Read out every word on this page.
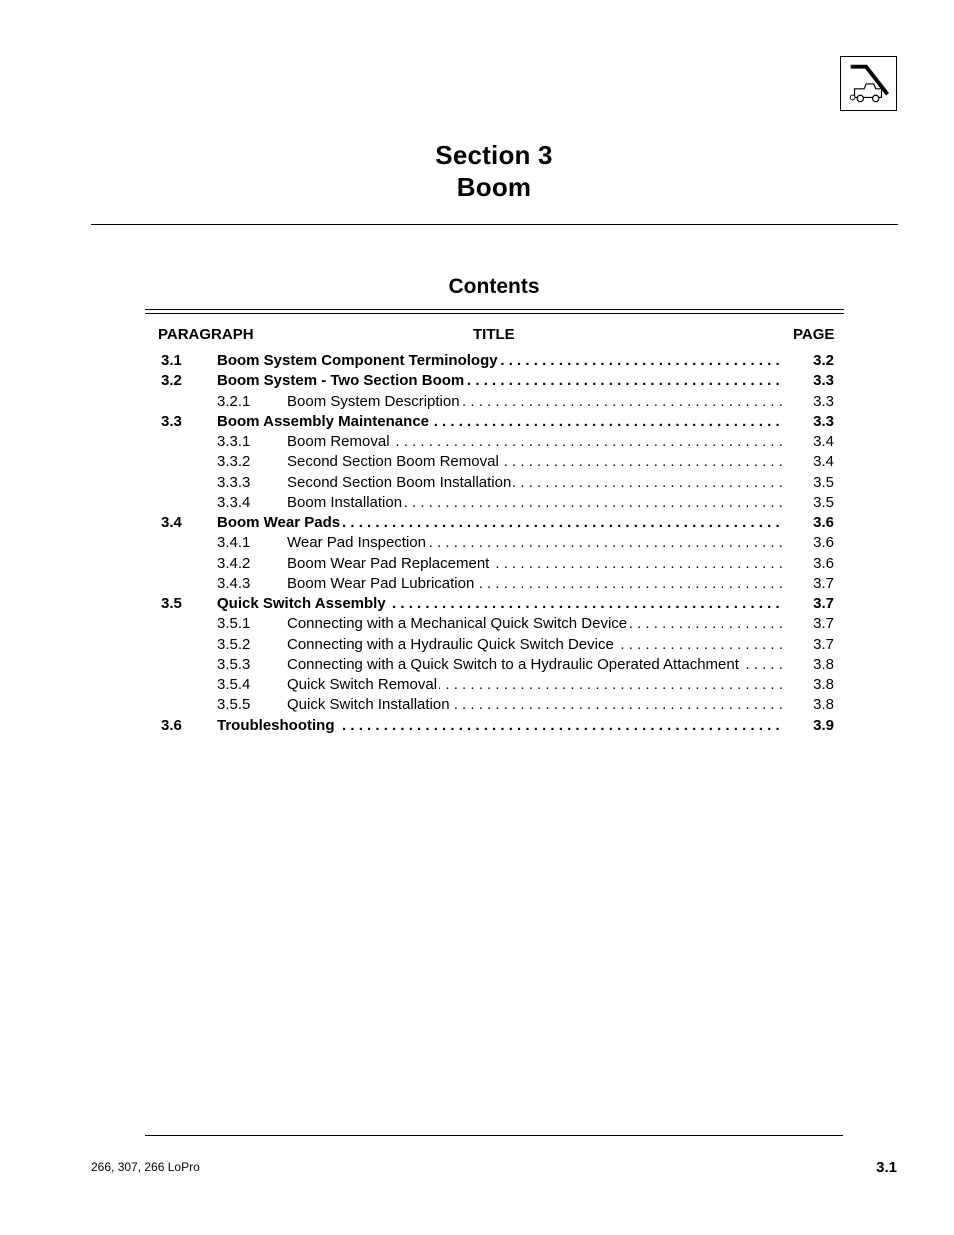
Section 3
Boom
Contents
PARAGRAPH	TITLE	PAGE
3.1 Boom System Component Terminology . . .	3.2
3.2 Boom System - Two Section Boom . . .	3.3
3.2.1 Boom System Description . . .	3.3
3.3 Boom Assembly Maintenance . . .	3.3
3.3.1 Boom Removal . . .	3.4
3.3.2 Second Section Boom Removal . . .	3.4
3.3.3 Second Section Boom Installation . . .	3.5
3.3.4 Boom Installation . . .	3.5
3.4 Boom Wear Pads . . .	3.6
3.4.1 Wear Pad Inspection . . .	3.6
3.4.2 Boom Wear Pad Replacement . . .	3.6
3.4.3 Boom Wear Pad Lubrication . . .	3.7
3.5 Quick Switch Assembly . . .	3.7
3.5.1 Connecting with a Mechanical Quick Switch Device . . .	3.7
3.5.2 Connecting with a Hydraulic Quick Switch Device . . .	3.7
3.5.3 Connecting with a Quick Switch to a Hydraulic Operated Attachment . . .	3.8
3.5.4 Quick Switch Removal . . .	3.8
3.5.5 Quick Switch Installation . . .	3.8
3.6 Troubleshooting . . .	3.9
266, 307, 266 LoPro	3.1
